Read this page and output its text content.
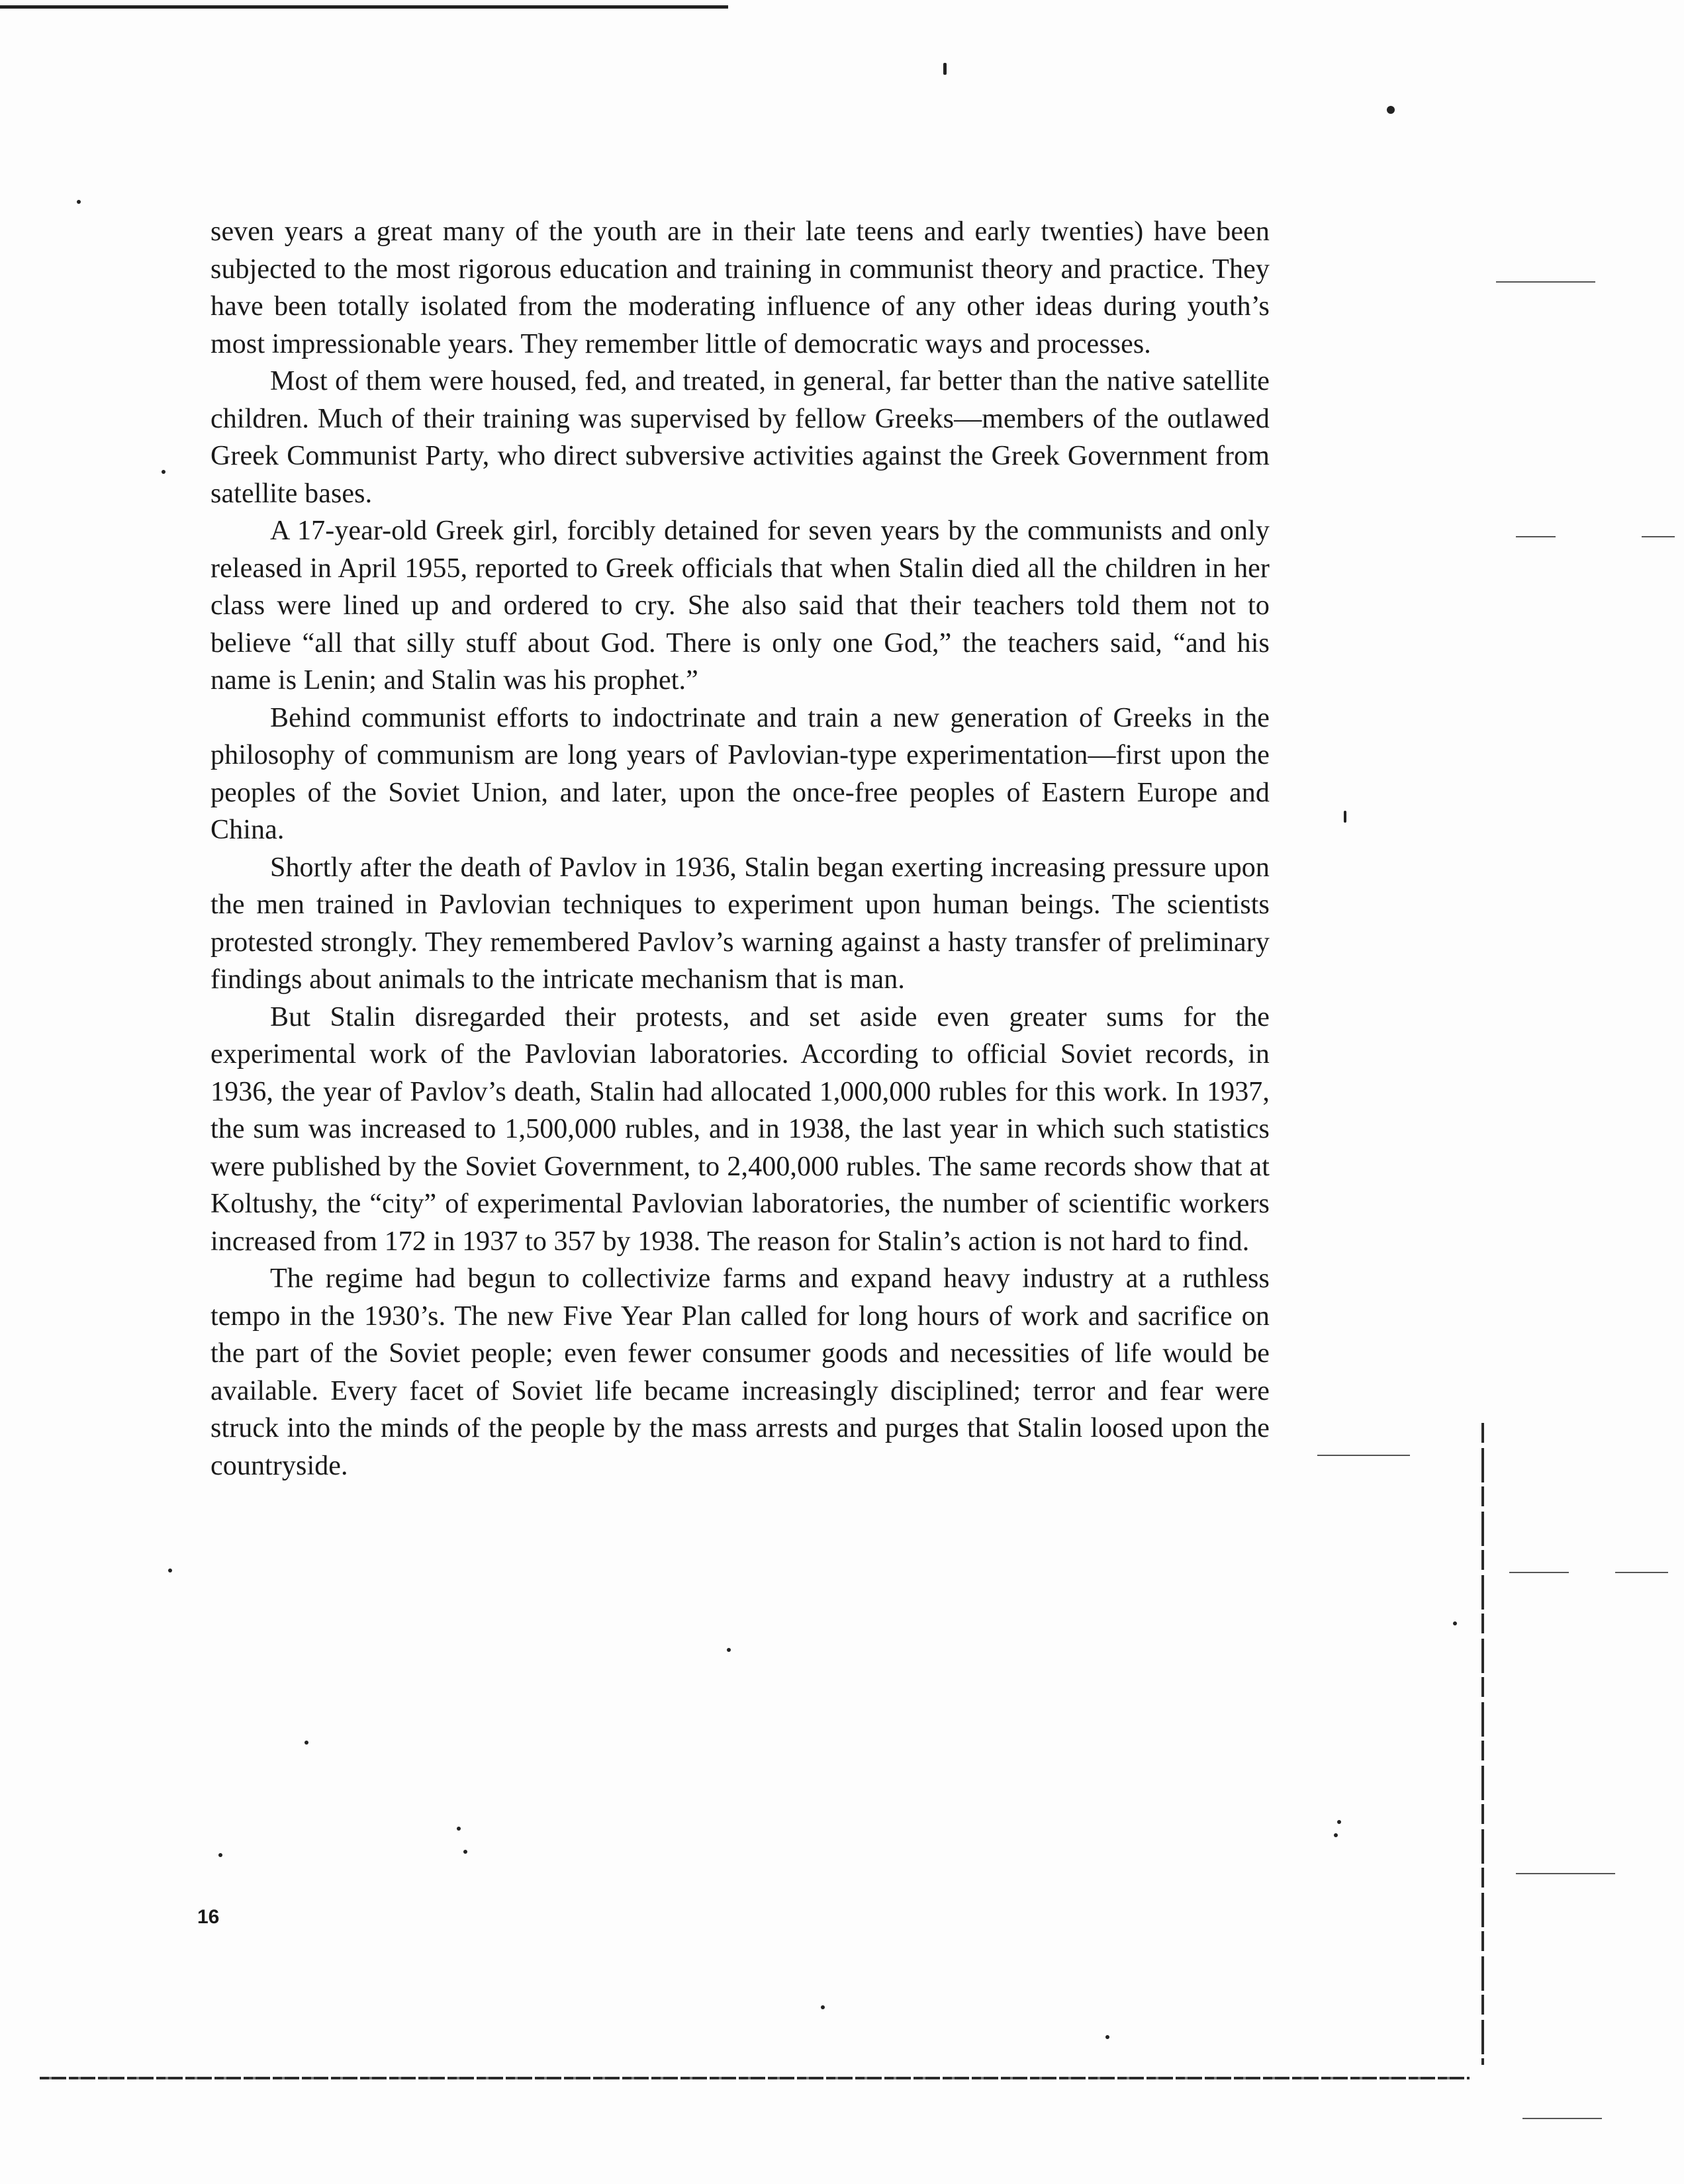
seven years a great many of the youth are in their late teens and early twenties) have been subjected to the most rigorous education and training in communist theory and practice. They have been totally isolated from the moderating influence of any other ideas during youth’s most impressionable years. They remember little of democratic ways and processes.

Most of them were housed, fed, and treated, in general, far better than the native satellite children. Much of their training was supervised by fellow Greeks—members of the outlawed Greek Communist Party, who direct subversive activities against the Greek Government from satellite bases.

A 17-year-old Greek girl, forcibly detained for seven years by the communists and only released in April 1955, reported to Greek officials that when Stalin died all the children in her class were lined up and ordered to cry. She also said that their teachers told them not to believe “all that silly stuff about God. There is only one God,” the teachers said, “and his name is Lenin; and Stalin was his prophet.”

Behind communist efforts to indoctrinate and train a new generation of Greeks in the philosophy of communism are long years of Pavlovian-type experimentation—first upon the peoples of the Soviet Union, and later, upon the once-free peoples of Eastern Europe and China.

Shortly after the death of Pavlov in 1936, Stalin began exerting increasing pressure upon the men trained in Pavlovian techniques to experiment upon human beings. The scientists protested strongly. They remembered Pavlov’s warning against a hasty transfer of preliminary findings about animals to the intricate mechanism that is man.

But Stalin disregarded their protests, and set aside even greater sums for the experimental work of the Pavlovian laboratories. According to official Soviet records, in 1936, the year of Pavlov’s death, Stalin had allocated 1,000,000 rubles for this work. In 1937, the sum was increased to 1,500,000 rubles, and in 1938, the last year in which such statistics were published by the Soviet Government, to 2,400,000 rubles. The same records show that at Koltushy, the “city” of experimental Pavlovian laboratories, the number of scientific workers increased from 172 in 1937 to 357 by 1938. The reason for Stalin’s action is not hard to find.

The regime had begun to collectivize farms and expand heavy industry at a ruthless tempo in the 1930’s. The new Five Year Plan called for long hours of work and sacrifice on the part of the Soviet people; even fewer consumer goods and necessities of life would be available. Every facet of Soviet life became increasingly disciplined; terror and fear were struck into the minds of the people by the mass arrests and purges that Stalin loosed upon the countryside.

16
